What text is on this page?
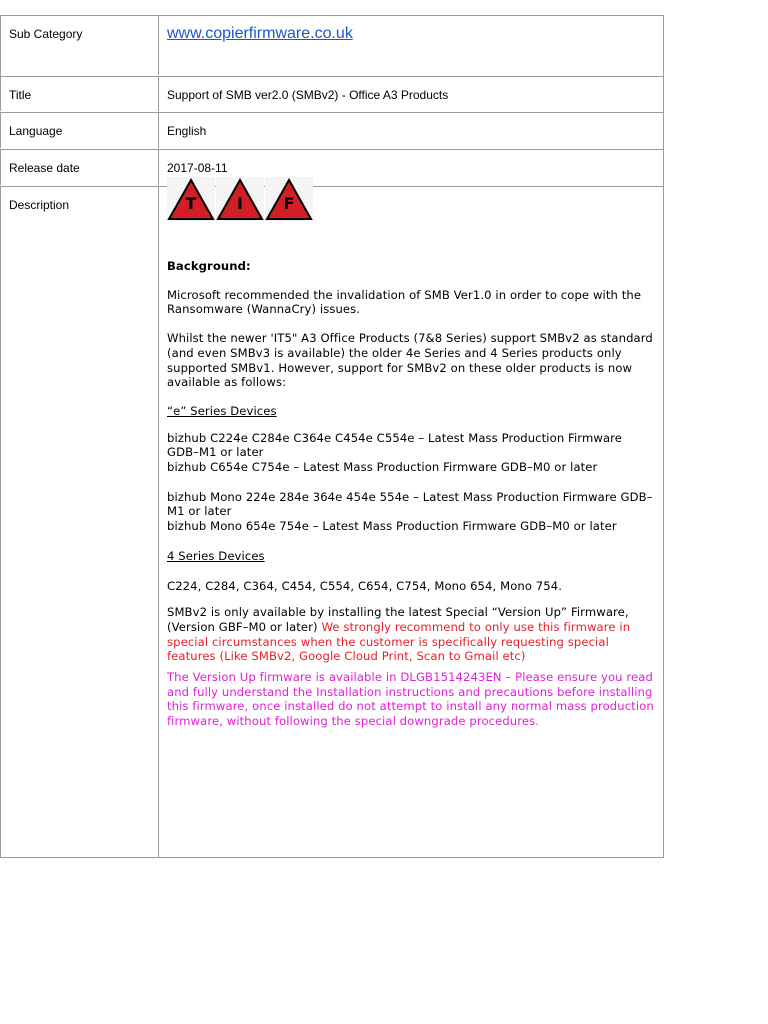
Sub Category	www.copierfirmware.co.uk
Title	Support of SMB ver2.0 (SMBv2) - Office A3 Products
Language	English
Release date	2017-08-11
Description	T	I	F

Background:

Microsoft recommended the invalidation of SMB Ver1.0 in order to cope with the Ransomware (WannaCry) issues.

Whilst the newer 'IT5" A3 Office Products (7&8 Series) support SMBv2 as standard (and even SMBv3 is available) the older 4e Series and 4 Series products only supported SMBv1. However, support for SMBv2 on these older products is now available as follows:

“e” Series Devices

bizhub C224e C284e C364e C454e C554e – Latest Mass Production Firmware GDB–M1 or later

bizhub C654e C754e – Latest Mass Production Firmware GDB–M0 or later

bizhub Mono 224e 284e 364e 454e 554e – Latest Mass Production Firmware GDB–M1 or later

bizhub Mono 654e 754e – Latest Mass Production Firmware GDB–M0 or later

4 Series Devices

C224, C284, C364, C454, C554, C654, C754, Mono 654, Mono 754.

SMBv2 is only available by installing the latest Special “Version Up” Firmware, (Version GBF–M0 or later) We strongly recommend to only use this firmware in special circumstances when the customer is specifically requesting special features (Like SMBv2, Google Cloud Print, Scan to Gmail etc)

The Version Up firmware is available in DLGB1514243EN – Please ensure you read and fully understand the Installation instructions and precautions before installing this firmware, once installed do not attempt to install any normal mass production firmware, without following the special downgrade procedures.
